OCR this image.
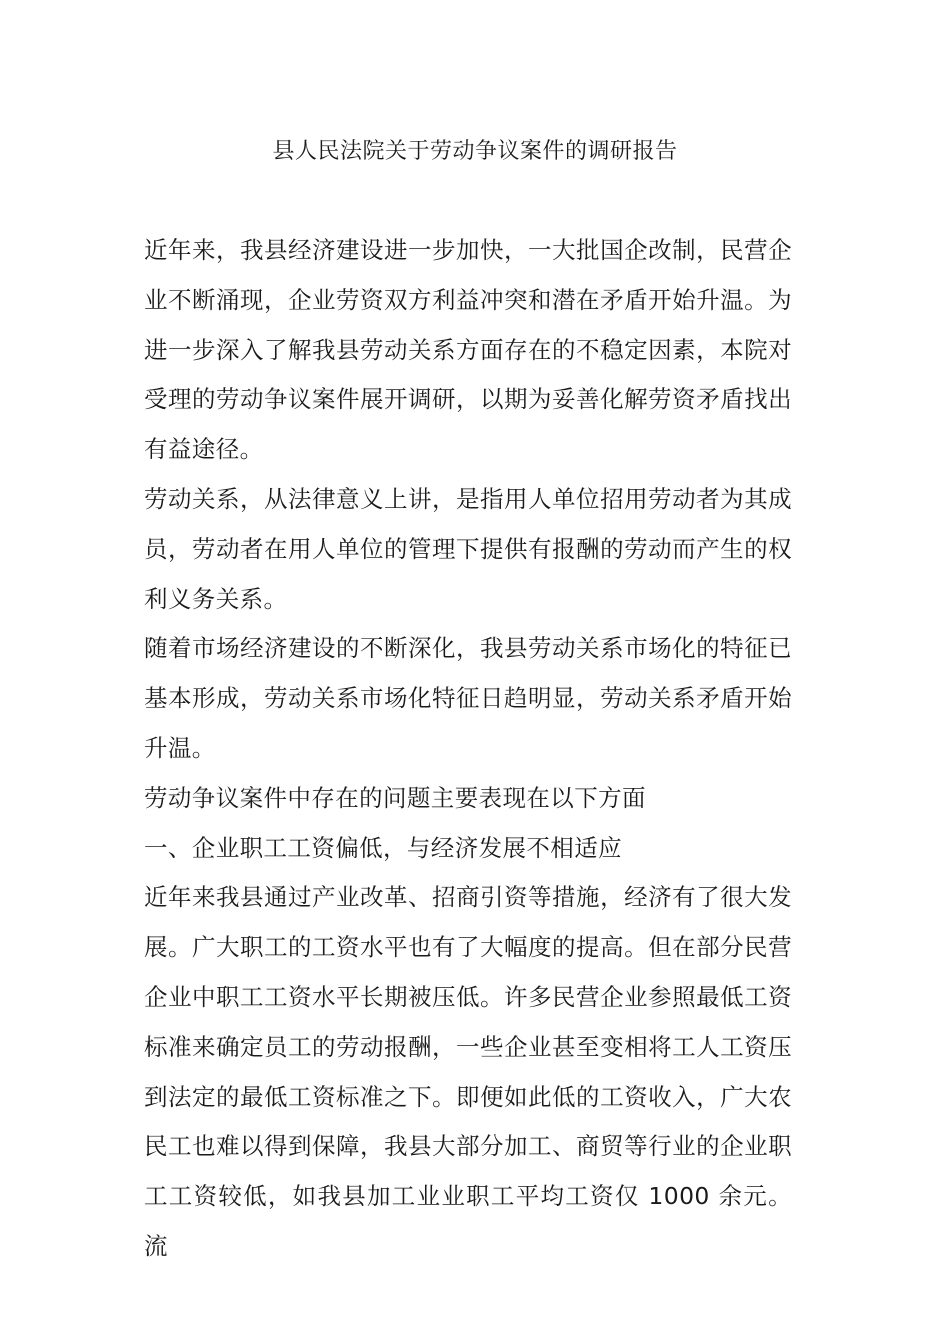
县人民法院关于劳动争议案件的调研报告

近年来，我县经济建设进一步加快，一大批国企改制，民营企业不断涌现，企业劳资双方利益冲突和潜在矛盾开始升温。为进一步深入了解我县劳动关系方面存在的不稳定因素，本院对受理的劳动争议案件展开调研，以期为妥善化解劳资矛盾找出有益途径。

劳动关系，从法律意义上讲，是指用人单位招用劳动者为其成员，劳动者在用人单位的管理下提供有报酬的劳动而产生的权利义务关系。

随着市场经济建设的不断深化，我县劳动关系市场化的特征已基本形成，劳动关系市场化特征日趋明显，劳动关系矛盾开始升温。

劳动争议案件中存在的问题主要表现在以下方面

一、企业职工工资偏低，与经济发展不相适应

近年来我县通过产业改革、招商引资等措施，经济有了很大发展。广大职工的工资水平也有了大幅度的提高。但在部分民营企业中职工工资水平长期被压低。许多民营企业参照最低工资标准来确定员工的劳动报酬，一些企业甚至变相将工人工资压到法定的最低工资标准之下。即便如此低的工资收入，广大农民工也难以得到保障，我县大部分加工、商贸等行业的企业职工工资较低，如我县加工业业职工平均工资仅 1000 余元。流
